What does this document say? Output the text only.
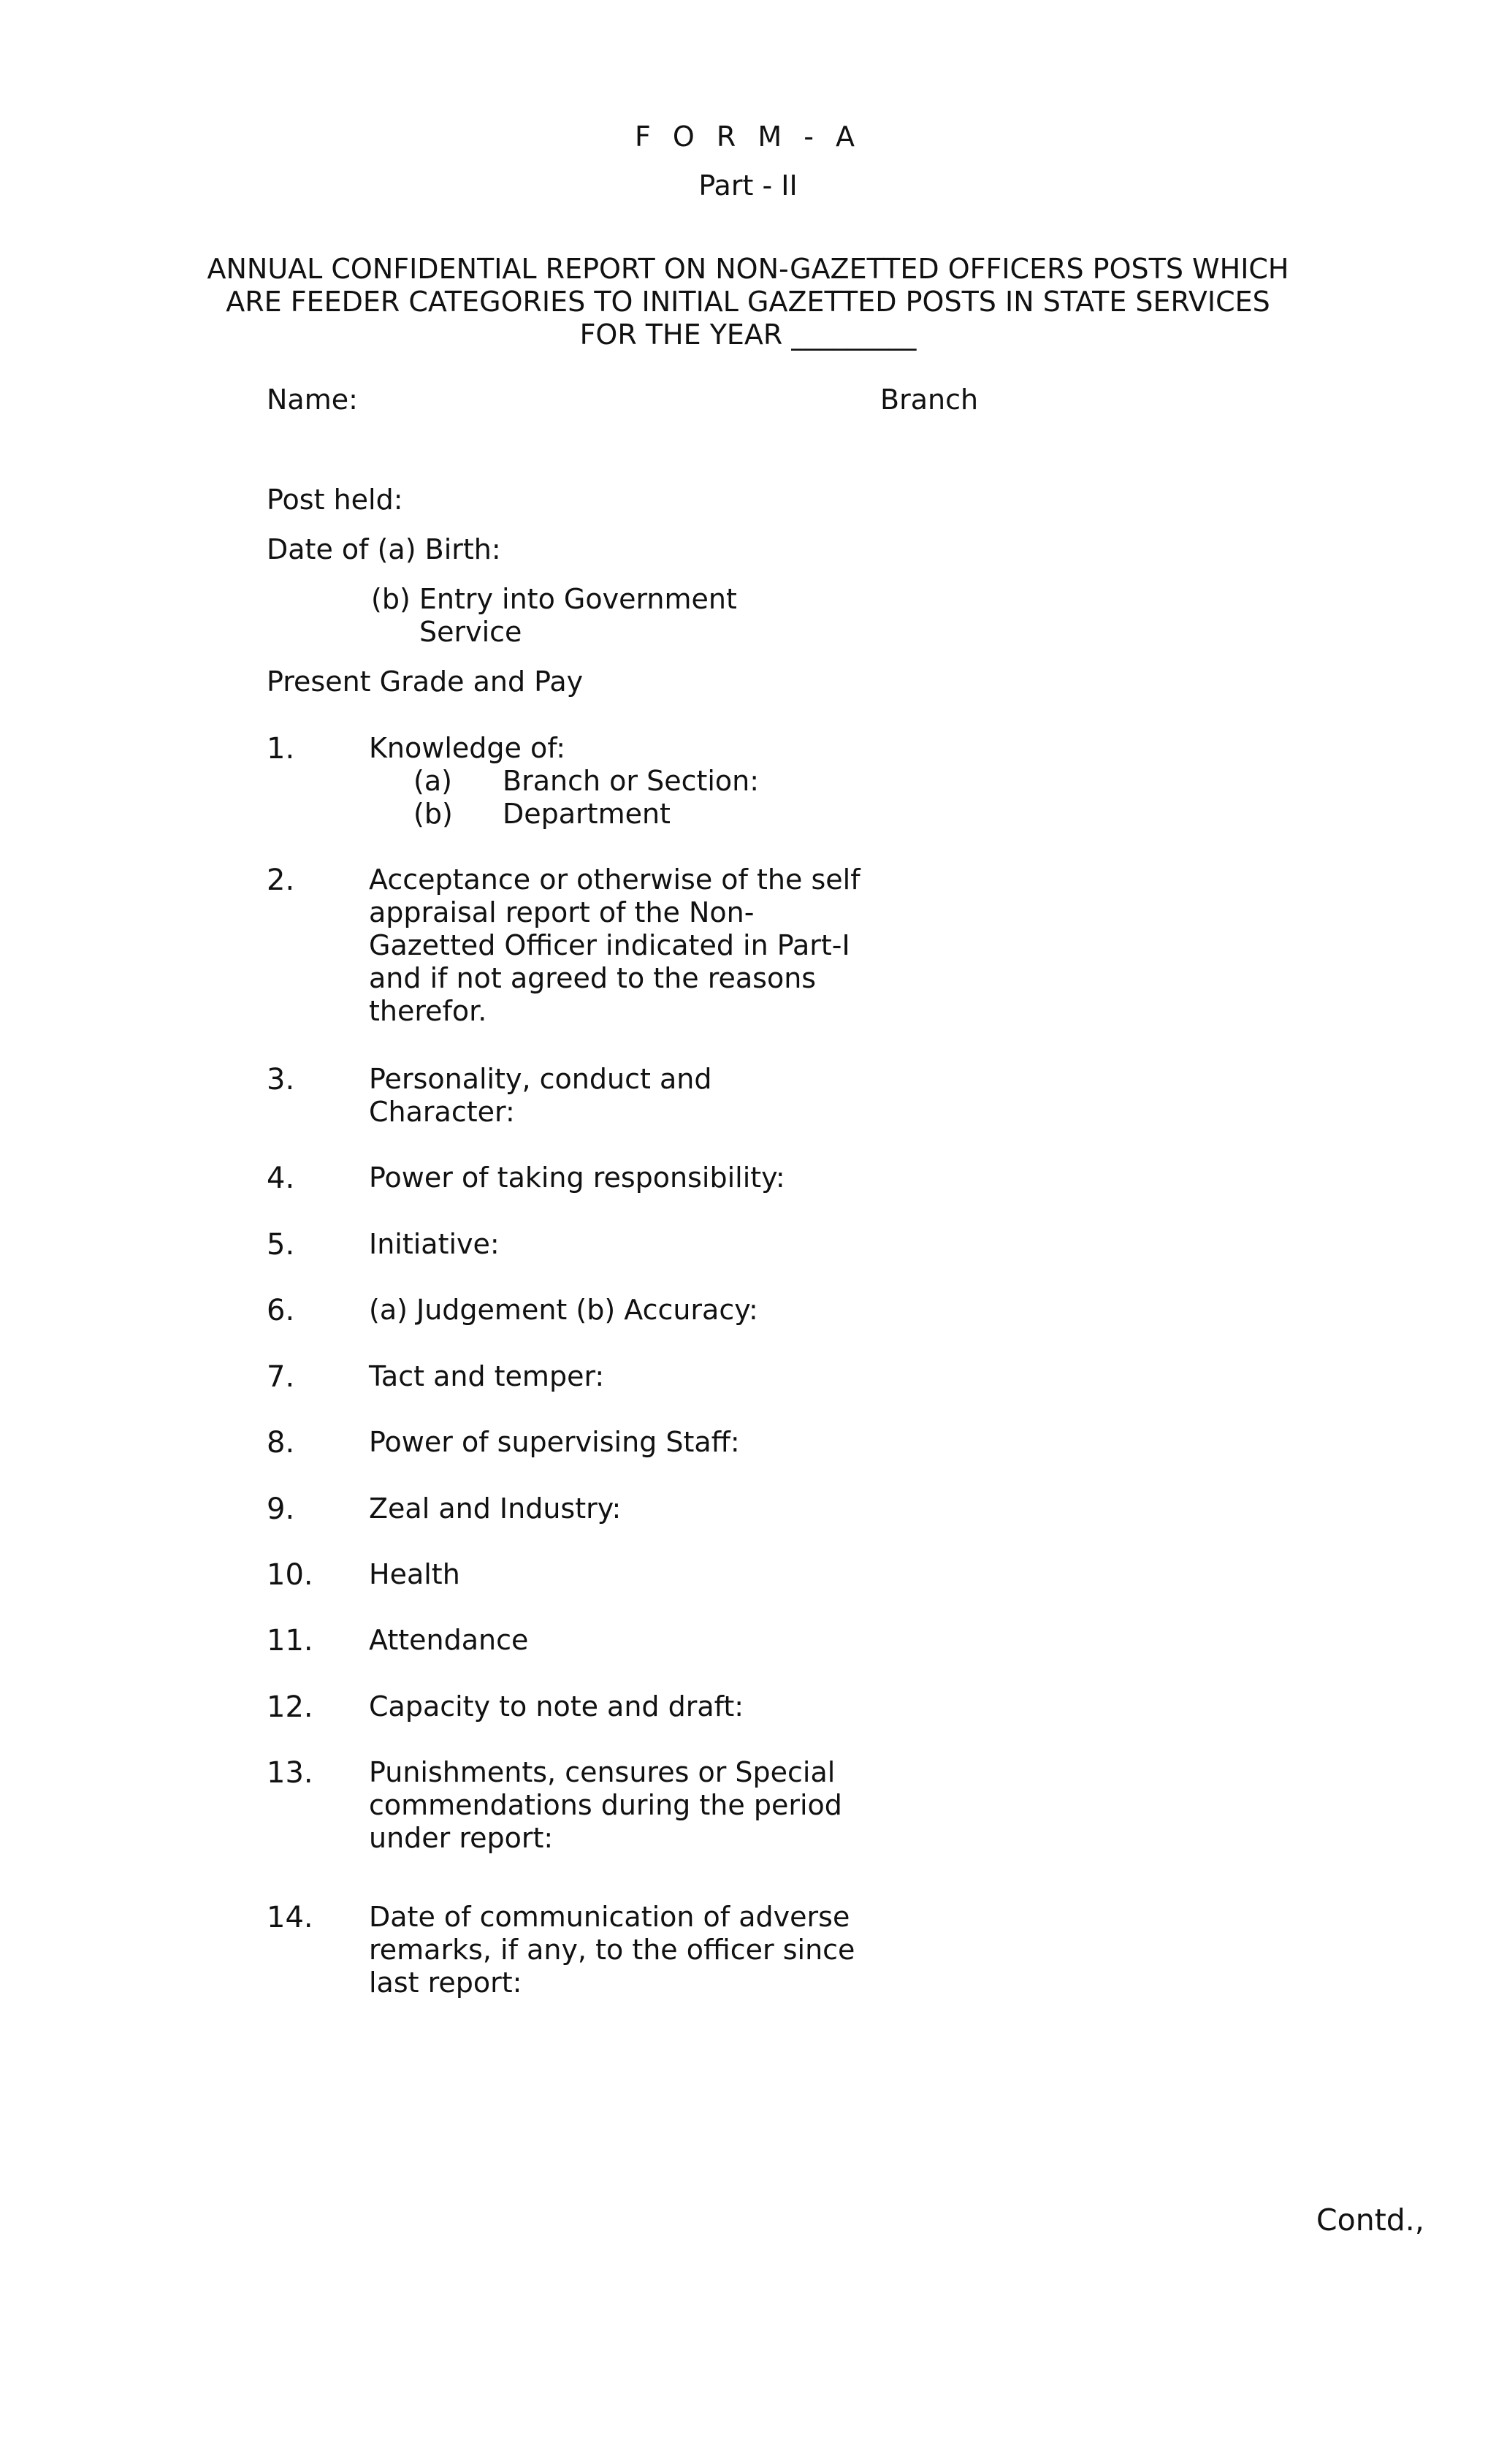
F O R M - A
Part - II
ANNUAL CONFIDENTIAL REPORT ON NON-GAZETTED OFFICERS POSTS WHICH
ARE FEEDER CATEGORIES TO INITIAL GAZETTED POSTS IN STATE SERVICES
FOR THE YEAR _________
Name:	Branch
Post held:
Date of (a) Birth:
(b) Entry into Government
Service
Present Grade and Pay
1.	Knowledge of:
(a) Branch or Section:
(b) Department
2.	Acceptance or otherwise of the self
appraisal report of the Non-
Gazetted Officer indicated in Part-I
and if not agreed to the reasons
therefor.
3.	Personality, conduct and
Character:
4.	Power of taking responsibility:
5.	Initiative:
6.	(a) Judgement (b) Accuracy:
7.	Tact and temper:
8.	Power of supervising Staff:
9.	Zeal and Industry:
10. Health
11. Attendance
12. Capacity to note and draft:
13. Punishments, censures or Special
commendations during the period
under report:
14. Date of communication of adverse
remarks, if any, to the officer since
last report:
Contd.,
